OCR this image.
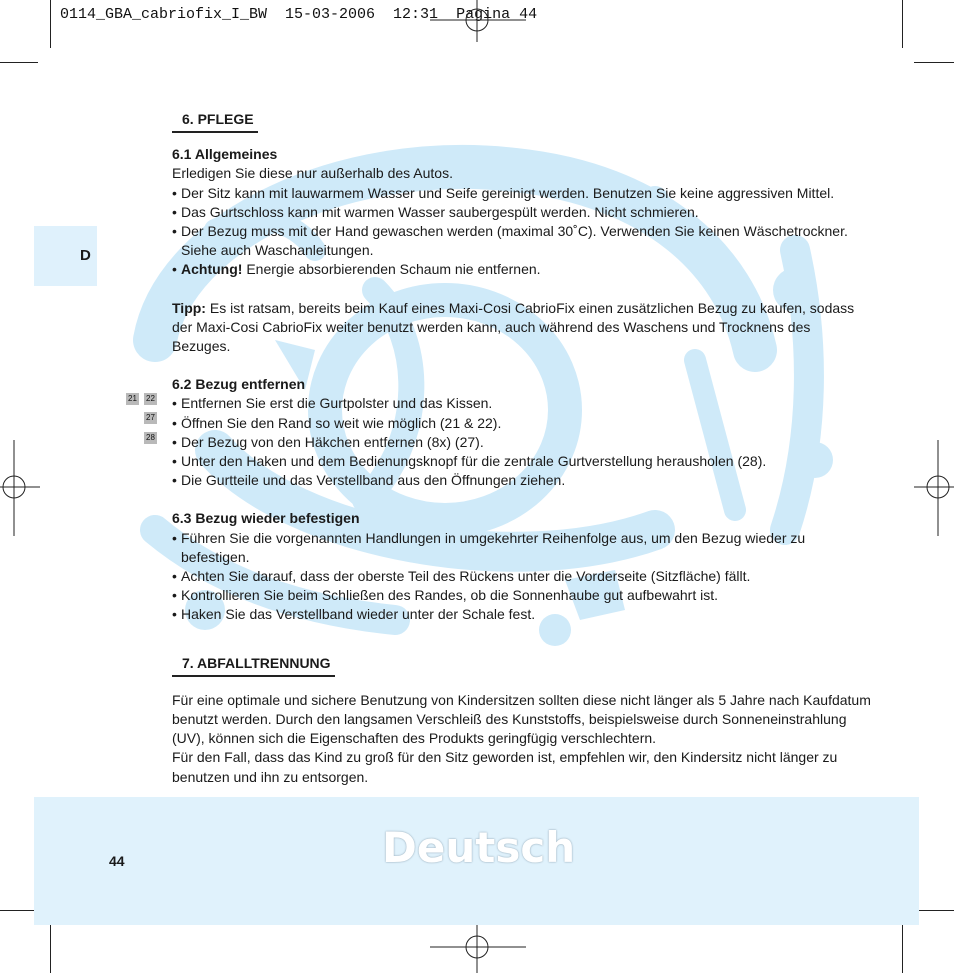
0114_GBA_cabriofix_I_BW  15-03-2006  12:31  Pagina 44
D
21 22
27
28
6. PFLEGE
6.1 Allgemeines
Erledigen Sie diese nur außerhalb des Autos.
• Der Sitz kann mit lauwarmem Wasser und Seife gereinigt werden. Benutzen Sie keine aggressiven Mittel.
• Das Gurtschloss kann mit warmen Wasser saubergespült werden. Nicht schmieren.
• Der Bezug muss mit der Hand gewaschen werden (maximal 30˚C). Verwenden Sie keinen Wäschetrockner. Siehe auch Waschanleitungen.
• Achtung! Energie absorbierenden Schaum nie entfernen.
Tipp: Es ist ratsam, bereits beim Kauf eines Maxi-Cosi CabrioFix einen zusätzlichen Bezug zu kaufen, sodass der Maxi-Cosi CabrioFix weiter benutzt werden kann, auch während des Waschens und Trocknens des Bezuges.
6.2 Bezug entfernen
• Entfernen Sie erst die Gurtpolster und das Kissen.
• Öffnen Sie den Rand so weit wie möglich (21 & 22).
• Der Bezug von den Häkchen entfernen (8x) (27).
• Unter den Haken und dem Bedienungsknopf für die zentrale Gurtverstellung herausholen (28).
• Die Gurtteile und das Verstellband aus den Öffnungen ziehen.
6.3 Bezug wieder befestigen
• Führen Sie die vorgenannten Handlungen in umgekehrter Reihenfolge aus, um den Bezug wieder zu befestigen.
• Achten Sie darauf, dass der oberste Teil des Rückens unter die Vorderseite (Sitzfläche) fällt.
• Kontrollieren Sie beim Schließen des Randes, ob die Sonnenhaube gut aufbewahrt ist.
• Haken Sie das Verstellband wieder unter der Schale fest.
7. ABFALLTRENNUNG
Für eine optimale und sichere Benutzung von Kindersitzen sollten diese nicht länger als 5 Jahre nach Kaufdatum benutzt werden. Durch den langsamen Verschleiß des Kunststoffs, beispielsweise durch Sonneneinstrahlung (UV), können sich die Eigenschaften des Produkts geringfügig verschlechtern.
Für den Fall, dass das Kind zu groß für den Sitz geworden ist, empfehlen wir, den Kindersitz nicht länger zu benutzen und ihn zu entsorgen.
44	Deutsch
